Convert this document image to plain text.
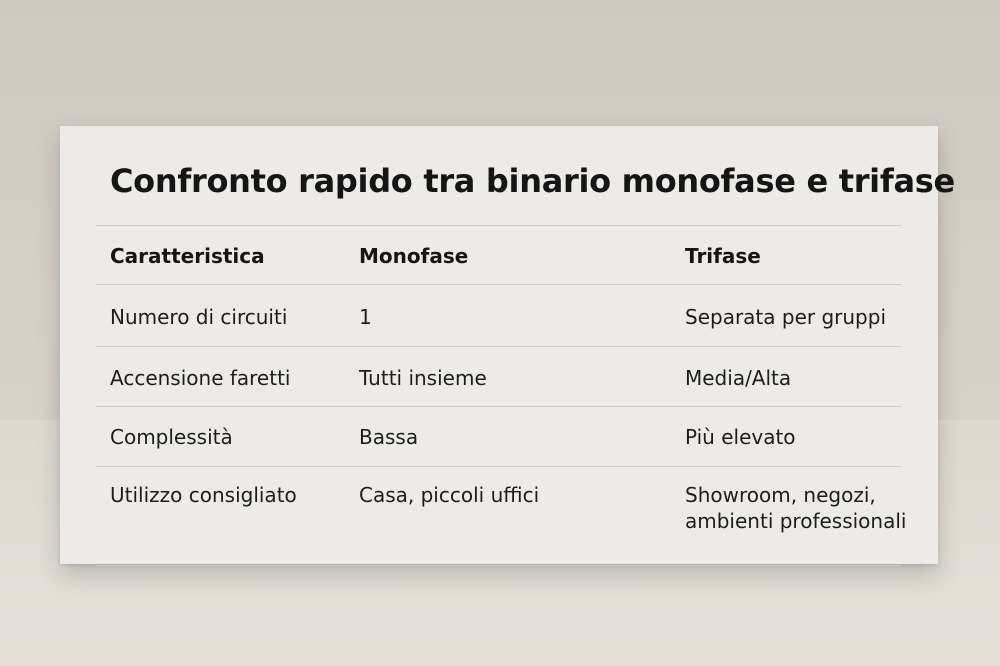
Confronto rapido tra binario monofase e trifase
Caratteristica	Monofase	Trifase
Numero di circuiti	1	Separata per gruppi
Accensione faretti	Tutti insieme	Media/Alta
Complessità	Bassa	Più elevato
Utilizzo consigliato	Casa, piccoli uffici	Showroom, negozi,
ambienti professionali
